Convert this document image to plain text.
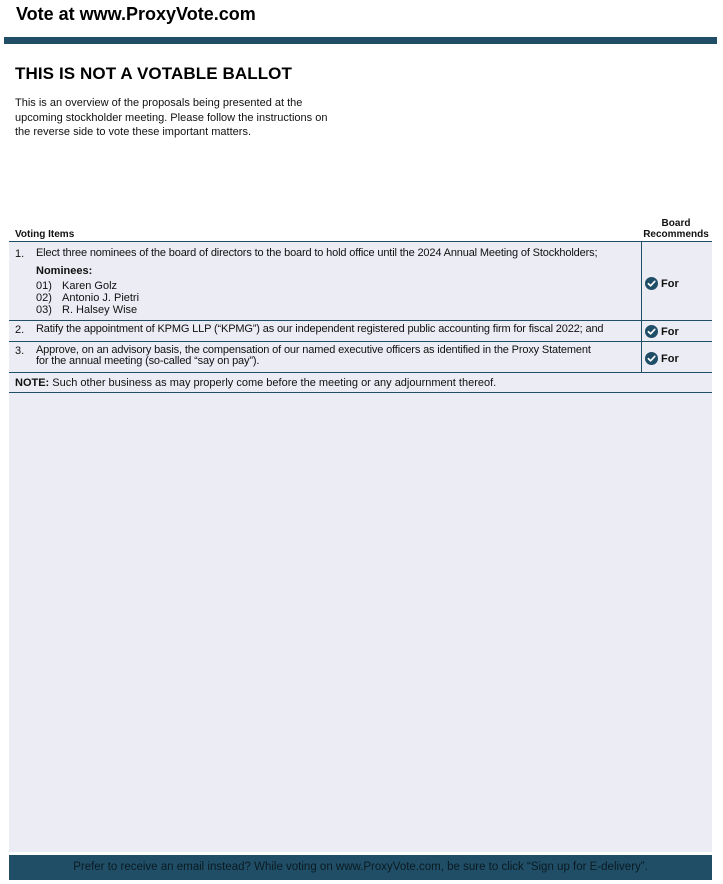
Vote at www.ProxyVote.com
THIS IS NOT A VOTABLE BALLOT
This is an overview of the proposals being presented at the
upcoming stockholder meeting. Please follow the instructions on
the reverse side to vote these important matters.
Board
Recommends
Voting Items
1. Elect three nominees of the board of directors to the board to hold office until the 2024 Annual Meeting of Stockholders;
Nominees:
01) Karen Golz
02) Antonio J. Pietri
03) R. Halsey Wise
For
2. Ratify the appointment of KPMG LLP (“KPMG”) as our independent registered public accounting firm for fiscal 2022; and	For
3. Approve, on an advisory basis, the compensation of our named executive officers as identified in the Proxy Statement
for the annual meeting (so-called “say on pay”).	For
NOTE: Such other business as may properly come before the meeting or any adjournment thereof.
Prefer to receive an email instead? While voting on www.ProxyVote.com, be sure to click “Sign up for E-delivery”.
